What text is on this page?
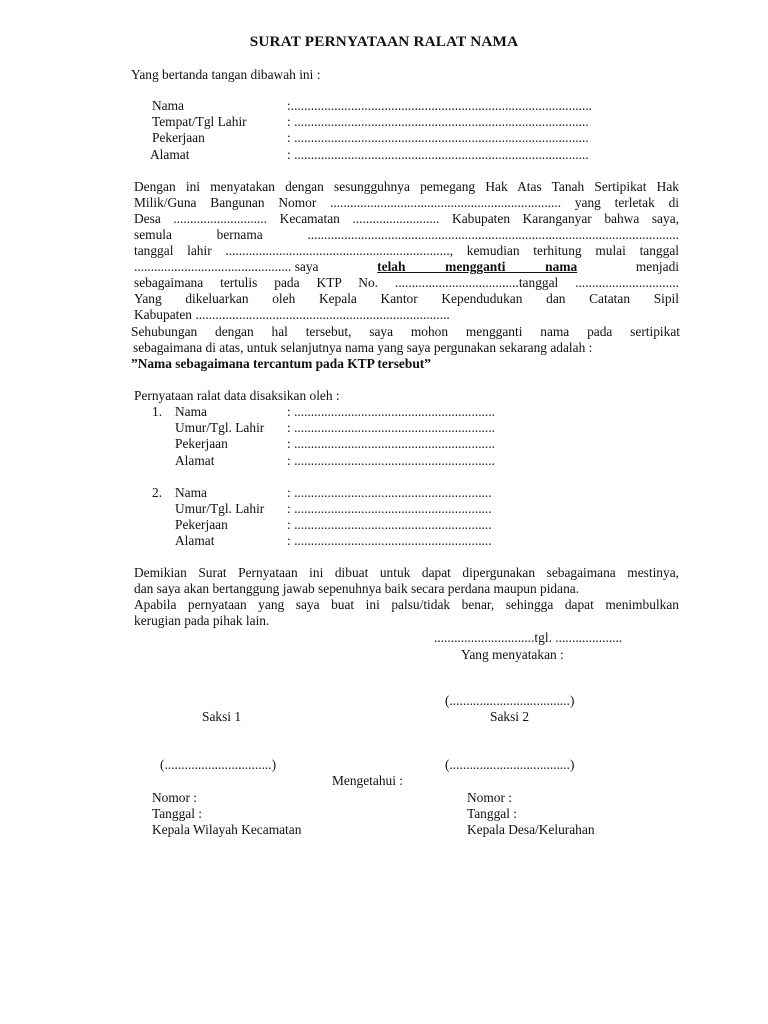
SURAT PERNYATAAN RALAT NAMA
Yang bertanda tangan dibawah ini :
Nama	:..........................................................................................
Tempat/Tgl Lahir	: ........................................................................................
Pekerjaan	: ........................................................................................
Alamat	: ........................................................................................
Dengan ini menyatakan dengan sesungguhnya pemegang Hak Atas Tanah Sertipikat Hak
Milik/Guna Bangunan Nomor ..................................................................... yang terletak di
Desa ............................ Kecamatan .......................... Kabupaten Karanganyar bahwa saya,
semula bernama ...............................................................................................................
tanggal lahir ..................................................................., kemudian terhitung mulai tanggal
............................................... saya	telah mengganti nama	menjadi
sebagaimana tertulis pada KTP No. .....................................tanggal ...............................
Yang dikeluarkan oleh Kepala Kantor Kependudukan dan Catatan Sipil
Kabupaten ............................................................................
Sehubungan dengan hal tersebut, saya mohon mengganti nama pada sertipikat
sebagaimana di atas, untuk selanjutnya nama yang saya pergunakan sekarang adalah :
”Nama sebagaimana tercantum pada KTP tersebut”
Pernyataan ralat data disaksikan oleh :
1. Nama	: ............................................................
Umur/Tgl. Lahir : ............................................................
Pekerjaan	: ............................................................
Alamat	: ............................................................
2. Nama	: ...........................................................
Umur/Tgl. Lahir : ...........................................................
Pekerjaan	: ...........................................................
Alamat	: ...........................................................
Demikian Surat Pernyataan ini dibuat untuk dapat dipergunakan sebagaimana mestinya,
dan saya akan bertanggung jawab sepenuhnya baik secara perdana maupun pidana.
Apabila pernyataan yang saya buat ini palsu/tidak benar, sehingga dapat menimbulkan
kerugian pada pihak lain.
..............................tgl. ....................
Yang menyatakan :
(....................................)
Saksi 1	Saksi 2
(................................)	(....................................)
Mengetahui :
Nomor :
Tanggal :
Kepala Wilayah Kecamatan
Nomor :
Tanggal :
Kepala Desa/Kelurahan
